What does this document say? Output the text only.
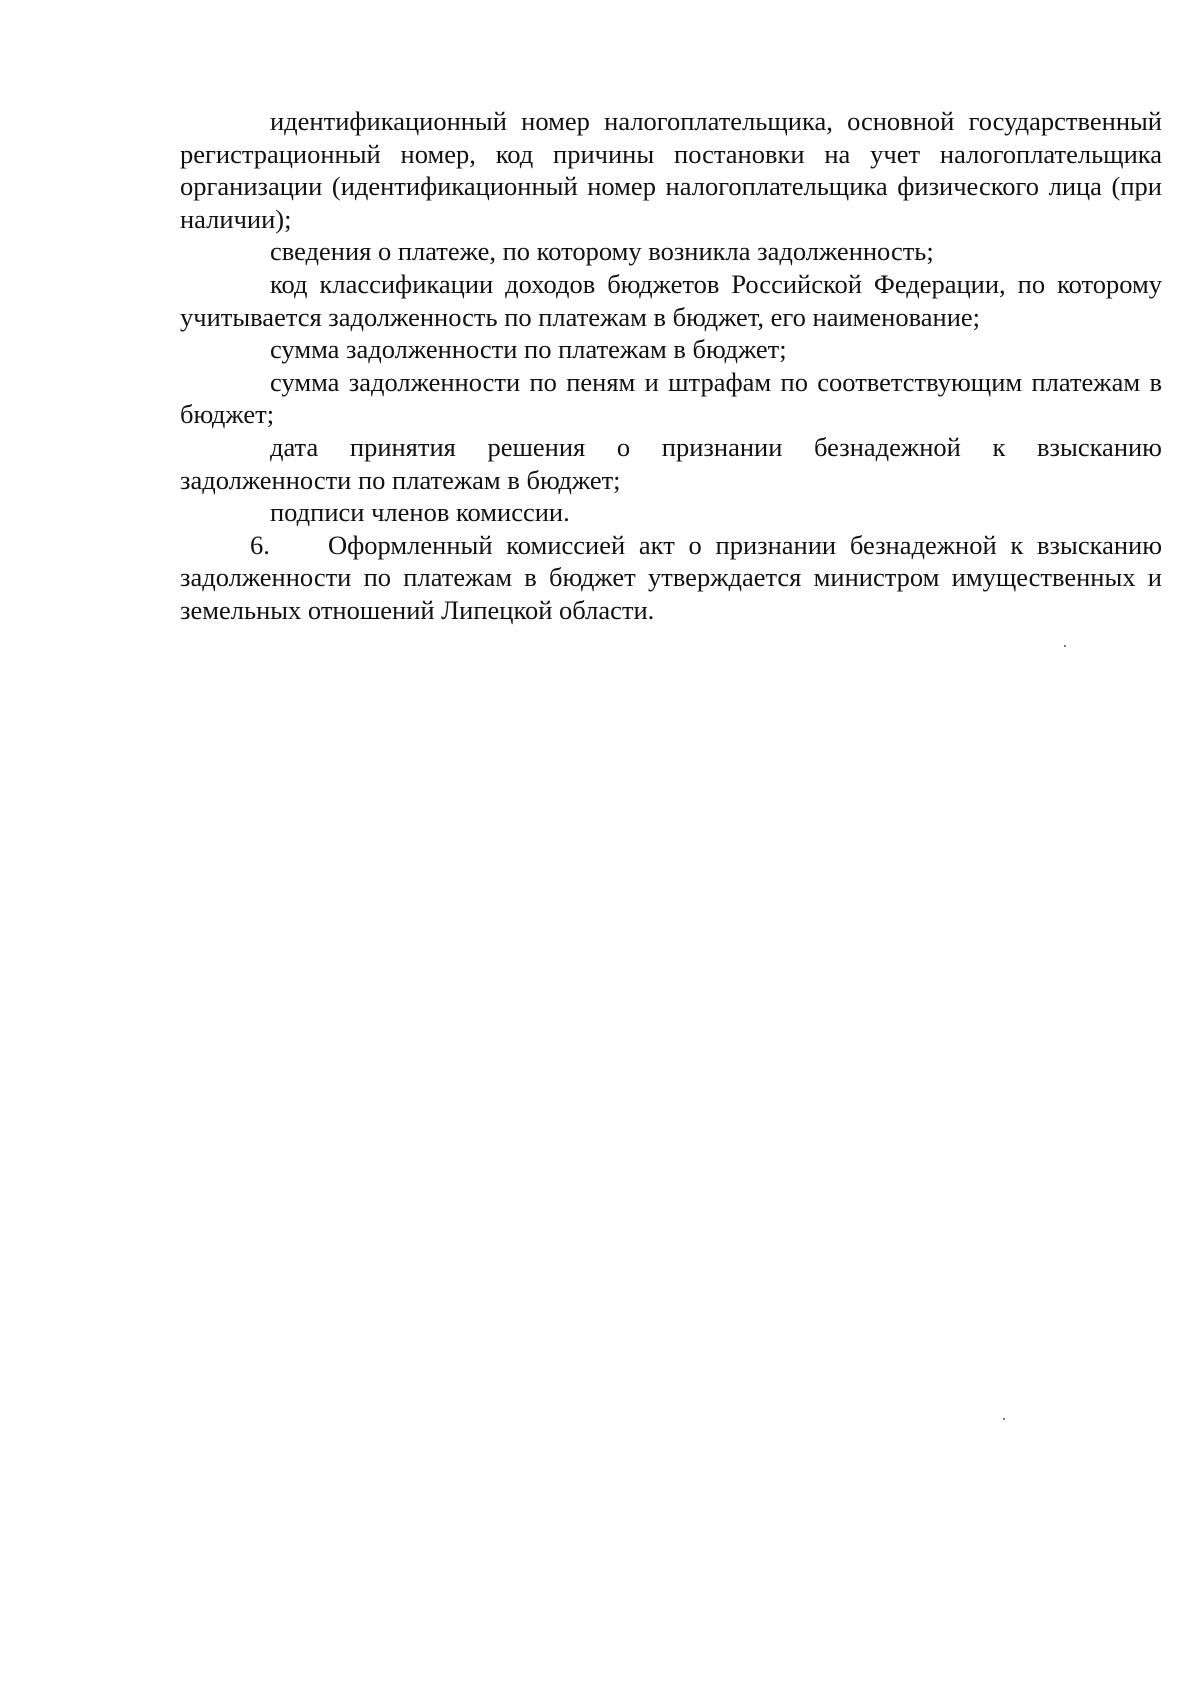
идентификационный номер налогоплательщика, основной государственный регистрационный номер, код причины постановки на учет налогоплательщика организации (идентификационный номер налогоплательщика физического лица (при наличии);

сведения о платеже, по которому возникла задолженность;

код классификации доходов бюджетов Российской Федерации, по которому учитывается задолженность по платежам в бюджет, его наименование;

сумма задолженности по платежам в бюджет;

сумма задолженности по пеням и штрафам по соответствующим платежам в бюджет;

дата принятия решения о признании безнадежной к взысканию задолженности по платежам в бюджет;

подписи членов комиссии.

6. Оформленный комиссией акт о признании безнадежной к взысканию задолженности по платежам в бюджет утверждается министром имущественных и земельных отношений Липецкой области.
